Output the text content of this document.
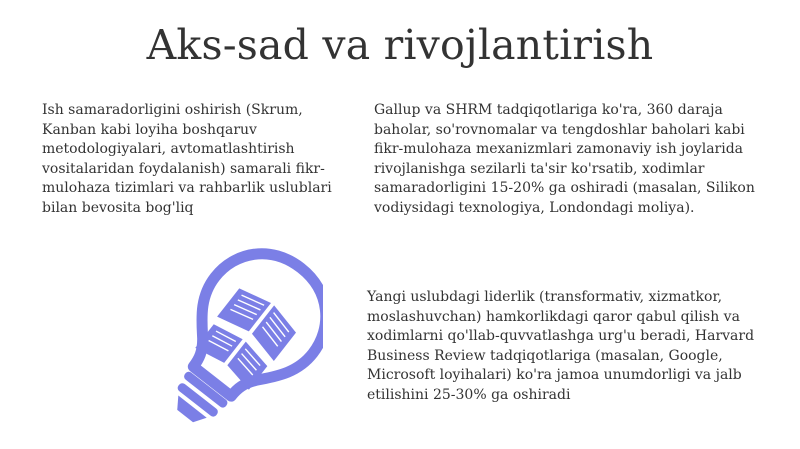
Aks-sad va rivojlantirish

Ish samaradorligini oshirish (Skrum, Kanban kabi loyiha boshqaruv metodologiyalari, avtomatlashtirish vositalaridan foydalanish) samarali fikr-mulohaza tizimlari va rahbarlik uslublari bilan bevosita bog'liq

Gallup va SHRM tadqiqotlariga ko'ra, 360 daraja baholar, so'rovnomalar va tengdoshlar baholari kabi fikr-mulohaza mexanizmlari zamonaviy ish joylarida rivojlanishga sezilarli ta'sir ko'rsatib, xodimlar samaradorligini 15-20% ga oshiradi (masalan, Silikon vodiysidagi texnologiya, Londondagi moliya).

Yangi uslubdagi liderlik (transformativ, xizmatkor, moslashuvchan) hamkorlikdagi qaror qabul qilish va xodimlarni qo'llab-quvvatlashga urg'u beradi, Harvard Business Review tadqiqotlariga (masalan, Google, Microsoft loyihalari) ko'ra jamoa unumdorligi va jalb etilishini 25-30% ga oshiradi
